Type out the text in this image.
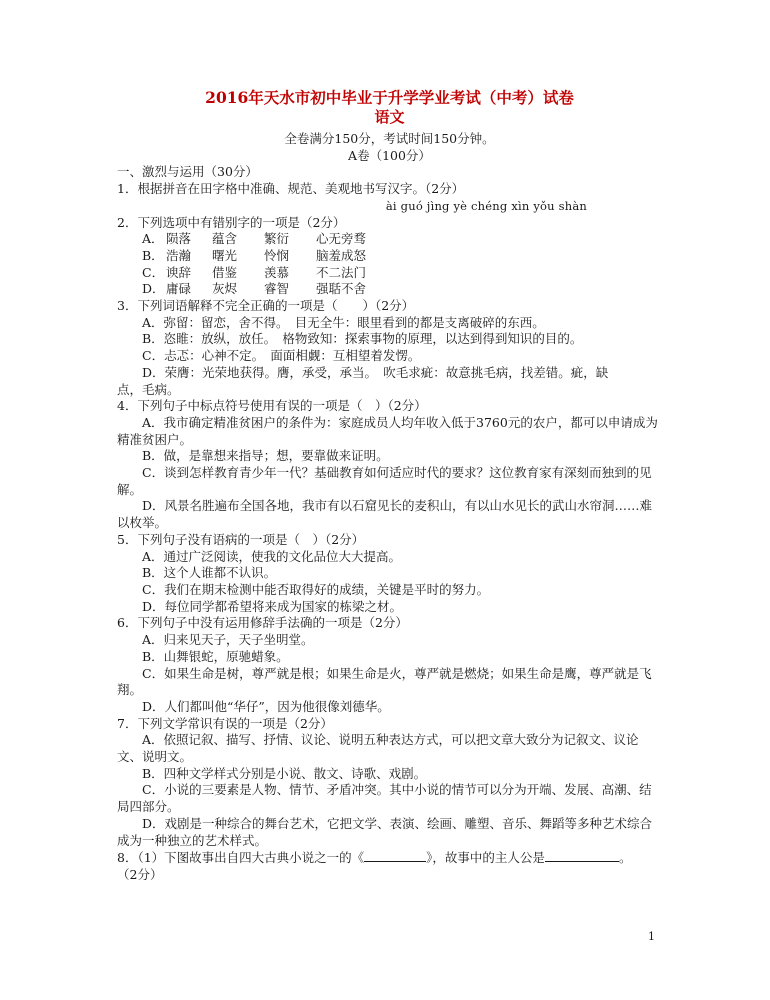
2016年天水市初中毕业于升学学业考试（中考）试卷
语文
全卷满分150分，考试时间150分钟。
A卷（100分）
一、激烈与运用（30分）
1．根据拼音在田字格中准确、规范、美观地书写汉字。（2分）
ài guó jìng yè chéng xìn yǒu shàn
2．下列选项中有错别字的一项是（2分）
A． 陨落 蕴含 繁衍 心无旁骛
B． 浩瀚 曙光 怜悯 脑羞成怒
C． 谀辞 借鉴 羡慕 不二法门
D． 庸碌 灰烬 睿智 强聒不舍
3．下列词语解释不完全正确的一项是（　　）（2分）
A．弥留：留恋，舍不得。　目无全牛：眼里看到的都是支离破碎的东西。
B．恣睢：放纵，放任。　格物致知：探索事物的原理，以达到得到知识的目的。
C．忐忑：心神不定。　面面相觑：互相望着发愣。
D．荣膺：光荣地获得。膺，承受，承当。　吹毛求疵：故意挑毛病，找差错。疵，缺
点，毛病。
4．下列句子中标点符号使用有误的一项是（　）（2分）
A．我市确定精准贫困户的条件为：家庭成员人均年收入低于3760元的农户，都可以申请成为精准贫困户。
B．做，是靠想来指导；想，要靠做来证明。
C．谈到怎样教育青少年一代？基础教育如何适应时代的要求？这位教育家有深刻而独到的见解。
D．风景名胜遍布全国各地，我市有以石窟见长的麦积山，有以山水见长的武山水帘洞……难以枚举。
5．下列句子没有语病的一项是（　）（2分）
A．通过广泛阅读，使我的文化品位大大提高。
B．这个人谁都不认识。
C．我们在期末检测中能否取得好的成绩，关键是平时的努力。
D．每位同学都希望将来成为国家的栋梁之材。
6．下列句子中没有运用修辞手法确的一项是（2分）
A．归来见天子，天子坐明堂。
B．山舞银蛇，原驰蜡象。
C．如果生命是树，尊严就是根；如果生命是火，尊严就是燃烧；如果生命是鹰，尊严就是飞翔。
D．人们都叫他“华仔”，因为他很像刘德华。
7．下列文学常识有误的一项是（2分）
A．依照记叙、描写、抒情、议论、说明五种表达方式，可以把文章大致分为记叙文、议论文、说明文。
B．四种文学样式分别是小说、散文、诗歌、戏剧。
C．小说的三要素是人物、情节、矛盾冲突。其中小说的情节可以分为开端、发展、高潮、结局四部分。
D．戏剧是一种综合的舞台艺术，它把文学、表演、绘画、雕塑、音乐、舞蹈等多种艺术综合成为一种独立的艺术样式。
8．（1）下图故事出自四大古典小说之一的《	》，故事中的主人公是	。
（2分）
1
